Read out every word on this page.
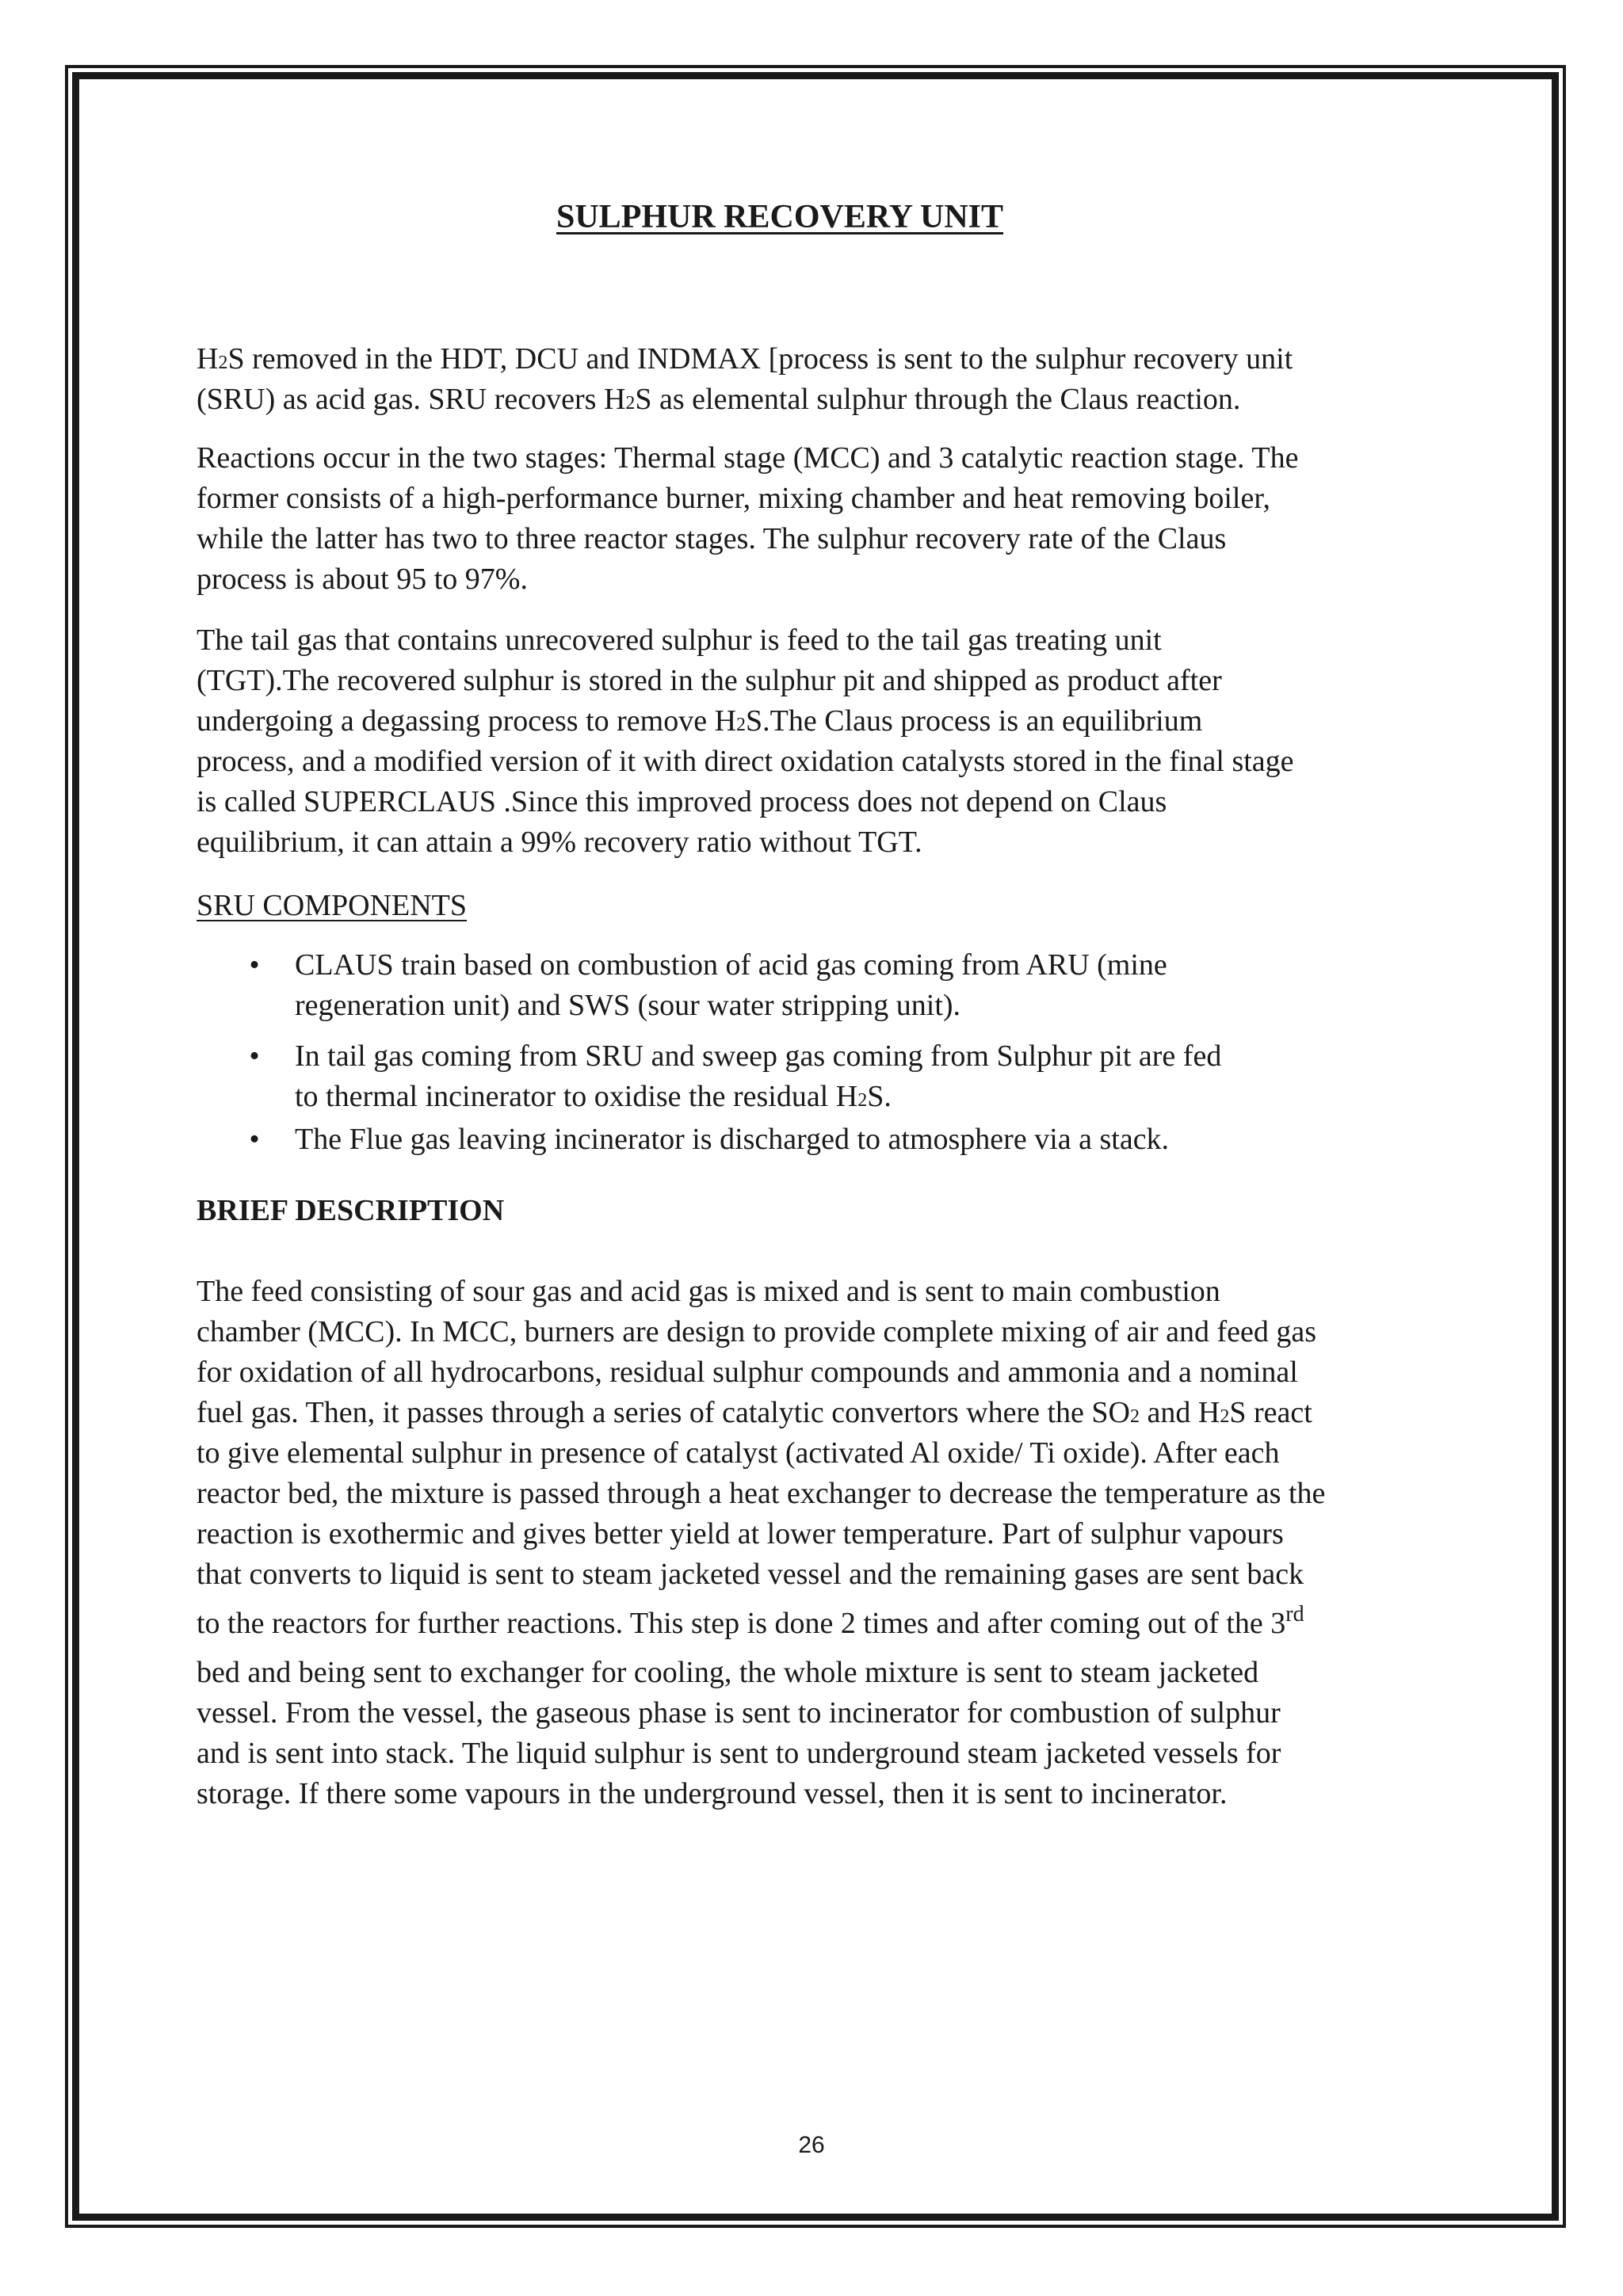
SULPHUR RECOVERY UNIT
H2S removed in the HDT, DCU and INDMAX [process is sent to the sulphur recovery unit
(SRU) as acid gas. SRU recovers H2S as elemental sulphur through the Claus reaction.
Reactions occur in the two stages: Thermal stage (MCC) and 3 catalytic reaction stage. The
former consists of a high-performance burner, mixing chamber and heat removing boiler,
while the latter has two to three reactor stages. The sulphur recovery rate of the Claus
process is about 95 to 97%.
The tail gas that contains unrecovered sulphur is feed to the tail gas treating unit
(TGT).The recovered sulphur is stored in the sulphur pit and shipped as product after
undergoing a degassing process to remove H2S.The Claus process is an equilibrium
process, and a modified version of it with direct oxidation catalysts stored in the final stage
is called SUPERCLAUS .Since this improved process does not depend on Claus
equilibrium, it can attain a 99% recovery ratio without TGT.
SRU COMPONENTS
• CLAUS train based on combustion of acid gas coming from ARU (mine
regeneration unit) and SWS (sour water stripping unit).
• In tail gas coming from SRU and sweep gas coming from Sulphur pit are fed
to thermal incinerator to oxidise the residual H2S.
• The Flue gas leaving incinerator is discharged to atmosphere via a stack.
BRIEF DESCRIPTION
The feed consisting of sour gas and acid gas is mixed and is sent to main combustion
chamber (MCC). In MCC, burners are design to provide complete mixing of air and feed gas
for oxidation of all hydrocarbons, residual sulphur compounds and ammonia and a nominal
fuel gas. Then, it passes through a series of catalytic convertors where the SO2 and H2S react
to give elemental sulphur in presence of catalyst (activated Al oxide/ Ti oxide). After each
reactor bed, the mixture is passed through a heat exchanger to decrease the temperature as the
reaction is exothermic and gives better yield at lower temperature. Part of sulphur vapours
that converts to liquid is sent to steam jacketed vessel and the remaining gases are sent back
to the reactors for further reactions. This step is done 2 times and after coming out of the 3rd
bed and being sent to exchanger for cooling, the whole mixture is sent to steam jacketed
vessel. From the vessel, the gaseous phase is sent to incinerator for combustion of sulphur
and is sent into stack. The liquid sulphur is sent to underground steam jacketed vessels for
storage. If there some vapours in the underground vessel, then it is sent to incinerator.
26
